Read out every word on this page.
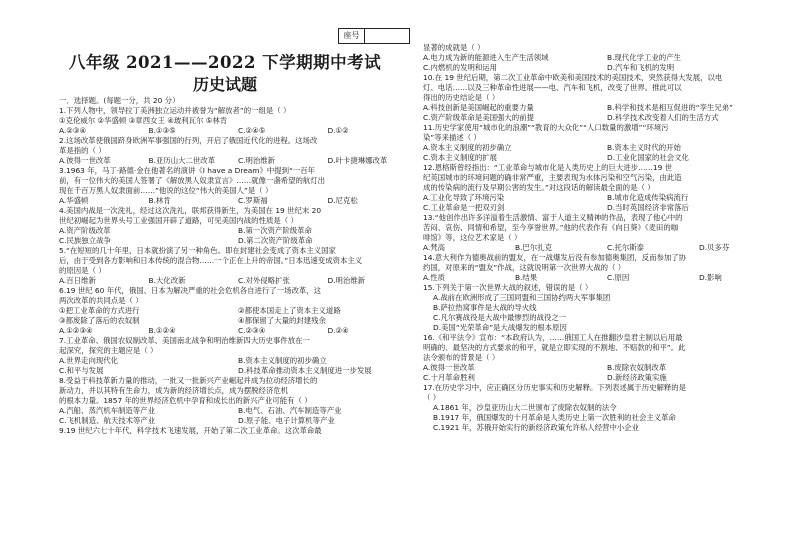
座号
八年级 2021——2022 下学期期中考试
历史试题
一．选择题。(每题一分，共 20 分）
1.下列人物中，领导拉丁美洲独立运动并被誉为“解放者”的一组是（ ）
①克伦威尔 ②华盛顿 ③章西女王 ④玻利瓦尔 ⑤林肯
A.②③④	B.①③⑤	C.②④⑤	D.①②
2.这场改革使俄国跻身欧洲军事强国的行列，开启了俄国近代化的进程。这场改
革是指的（ ）
A.彼得一世改革	B.亚历山大二世改革	C.明治维新	D.叶卡捷琳娜改革
3.1963 年，马丁·路德·金在他著名的演讲《I have a Dream》中提到“一百年
前，有一位伟大的美国人签署了《解放黑人奴隶宣言》……就像一盏希望的航灯出
现在千百万黑人奴隶面前……”他说的这位“伟大的美国人”是（ ）
A.华盛顿	B.林肯	C.罗斯福	D.尼克松
4.美国内战是一次洗礼，经过这次洗礼，联邦获得新生，为美国在 19 世纪末 20
世纪初崛起为世界头号工业强国开辟了道路，可见美国内战的性质是（ ）
A.资产阶级改革	B.第一次资产阶级革命
C.民族独立战争	D.第二次资产阶级革命
5.“在短短的几十年里，日本就扮演了另一种角色。即在封建社会变成了资本主义国家
后，由于受到各方影响和日本传统的混合物……一个正在上升的帝国。”日本迅速变成资本主义
的原因是（ ）
A.百日维新	B.大化改新	C.对外侵略扩张	D.明治维新
6.19 世纪 60 年代，俄国、日本为解决严重的社会危机各自进行了一场改革，这
两次改革的共同点是（ ）
①把工业革命的方式进行	②都使本国走上了资本主义道路
③都废除了落后的农奴制	④都保留了大量的封建残余
A.①②③④	B.①②④	C.②③④	D.②④
7.工业革命、俄国农奴制改革、美国南北战争和明治维新四大历史事件放在一
起深究，探究的主题应是（ ）
A.世界走向现代化	B.资本主义制度的初步确立
C.和平与发展	D.科技革命推动资本主义制度进一步发展
8.受益于科技革新力量的推动，一批又一批新兴产业崛起并成为拉动经济增长的
新动力，并以其特有生命力，成为新的经济增长点，成为摆脱经济危机
的根本力量。1857 年的世界经济危机中孕育和成长出的新兴产业可能有（ ）
A.汽船、蒸汽机车制造等产业	B.电气、石油、汽车制造等产业
C.飞机制造、航天技术等产业	D.原子能、电子计算机等产业
9.19 世纪六七十年代，科学技术飞速发展，开始了第二次工业革命。这次革命最
显著的成就是（ ）
A.电力成为新的能源进入生产生活领域	B.现代化学工业的产生
C.内燃机的发明和运用	D.汽车和飞机的发明
10.在 19 世纪后期，第二次工业革命中欧美和美国技术的美国技术，突然获得大发展，以电
灯、电话……以及三种革命性进展——电、汽车和飞机，改变了世界。推此可以
得出的历史结论是（ ）
A.科技创新是美国崛起的重要力量	B.科学和技术是相互促进的“孪生兄弟”
C.资产阶级革命是美国强大的前提	D.科学技术改变着人们的生活方式
11.历史学家使用“城市化的浪潮”“教育的大众化”“人口数量的激增”“环境污
染”等来描述（ ）
A.资本主义制度的初步确立	B.资本主义时代的开始
C.资本主义制度的扩展	D.工业化国家的社会文化
12.恩格斯曾经指出：“工业革命与城市化是人类历史上的巨大进步……19 世
纪英国城市的环境问题的确非常严重，主要表现为水体污染和空气污染，由此造
成的传染病的流行及早期公害的发生。”对这段话的解读最全面的是（ ）
A.工业化导致了环境污染	B.城市化造成传染病流行
C.工业革命是一把双刃剑	D.当时英国经济非常落后
13.“他创作出许多洋溢着生活激情、富于人道主义精神的作品，表现了他心中的
苦闷、哀伤、同情和希望，至今享誉世界。”他的代表作有《向日葵》《麦田的咖
啡馆》等，这位艺术家是（ ）
A.梵高	B.巴尔扎克	C.托尔斯泰	D.贝多芬
14.意大利作为德奥战前的盟友，在一战爆发后没有参加德奥集团，反而参加了协
约国，对原来的“盟友”作战，这就说明第一次世界大战的（ ）
A.性质	B.结果	C.原因	D.影响
15.下列关于第一次世界大战的叙述，错误的是（ ）
A.战前在欧洲形成了三国同盟和三国协约两大军事集团
B.萨拉热窝事件是大战的导火线
C.凡尔赛战役是大战中最惨烈的战役之一
D.美国“光荣革命”是大战爆发的根本原因
16.《和平法令》宣布：“本政府认为，……俄国工人在推翻沙皇君主制以后用最
明确的、最坚决的方式要求的和平，就是立即实现的不割地、不赔款的和平”。此
法令颁布的背景是（ ）
A.彼得一世改革	B.废除农奴制改革
C.十月革命胜利	D.新经济政策实施
17.在历史学习中，应正确区分历史事实和历史解释。下列表述属于历史解释的是
（ ）
A.1861 年，沙皇亚历山大二世颁布了废除农奴制的法令
B.1917 年，俄国爆发的十月革命是人类历史上第一次胜利的社会主义革命
C.1921 年，苏俄开始实行的新经济政策允许私人经营中小企业
